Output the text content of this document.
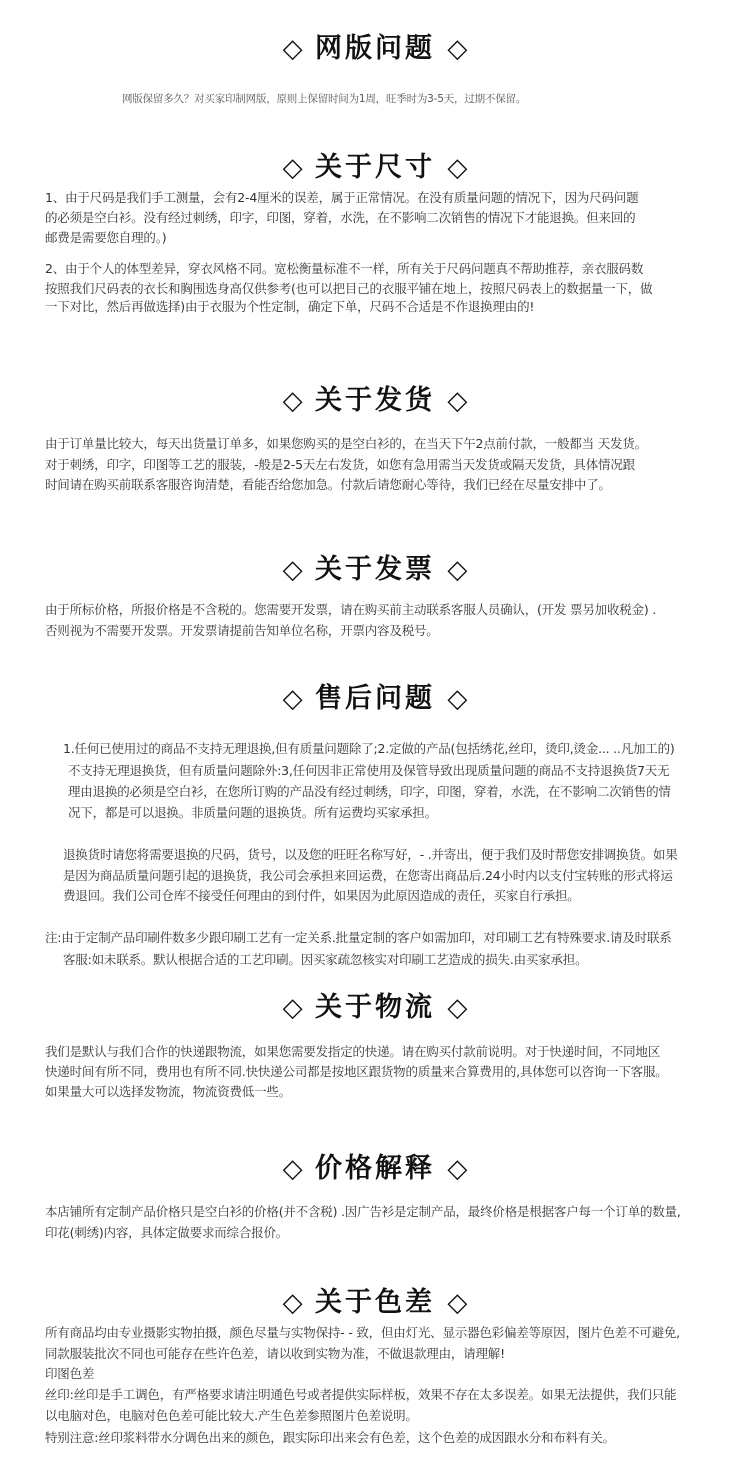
◇ 网版问题 ◇

网版保留多久？对买家印制网版，原则上保留时间为1周，旺季时为3-5天，过期不保留。

◇ 关于尺寸 ◇

1、由于尺码是我们手工测量，会有2-4厘米的误差，属于正常情况。在没有质量问题的情况下，因为尺码问题

的必须是空白衫。没有经过刺绣，印字，印图，穿着，水洗，在不影响二次销售的情况下才能退换。但来回的

邮费是需要您自理的。)

2、由于个人的体型差异，穿衣风格不同。宽松衡量标准不一样，所有关于尺码问题真不帮助推荐，亲衣服码数

按照我们尺码表的衣长和胸围选身高仅供参考(也可以把目己的衣服平铺在地上，按照尺码表上的数据量一下，做

一下对比，然后再做选择)由于衣服为个性定制，确定下单，尺码不合适是不作退换理由的!

◇ 关于发货 ◇

由于订单量比较大，每天出货量订单多，如果您购买的是空白衫的，在当天下午2点前付款，一般都当 天发货。

对于刺绣，印字，印图等工艺的服装，-般是2-5天左右发货，如您有急用需当天发货或隔天发货，具体情况跟

时间请在购买前联系客服咨询清楚，看能否给您加急。付款后请您耐心等待，我们已经在尽量安排中了。

◇ 关于发票 ◇

由于所标价格，所报价格是不含税的。您需要开发票，请在购买前主动联系客服人员确认，(开发 票另加收税金) .

否则视为不需要开发票。开发票请提前告知单位名称，开票内容及税号。

◇ 售后问题 ◇

1.任何已使用过的商品不支持无理退换,但有质量问题除了;2.定做的产品(包括绣花,丝印，烫印,烫金... ..凡加工的)

不支持无理退换货，但有质量问题除外:3,任何因非正常使用及保管导致出现质量问题的商品不支持退换货7天无

理由退换的必须是空白衫，在您所订购的产品没有经过刺绣，印字，印图，穿着，水洗，在不影响二次销售的情

况下，都是可以退换。非质量问题的退换货。所有运费均买家承担。

退换货时请您将需要退换的尺码，货号，以及您的旺旺名称写好，- .并寄出，便于我们及时帮您安排调换货。如果

是因为商品质量问题引起的退换货，我公司会承担来回运费，在您寄出商品后.24小时内以支付宝转账的形式将运

费退回。我们公司仓库不接受任何理由的到付件，如果因为此原因造成的责任，买家自行承担。

注:由于定制产品印刷件数多少跟印刷工艺有一定关系.批量定制的客户如需加印，对印刷工艺有特殊要求.请及时联系

客服:如未联系。默认根据合适的工艺印刷。因买家疏忽核实对印刷工艺造成的损失.由买家承担。

◇ 关于物流 ◇

我们是默认与我们合作的快递跟物流，如果您需要发指定的快递。请在购买付款前说明。对于快递时间，不同地区

快递时间有所不同，费用也有所不同.快快递公司都是按地区跟货物的质量来合算费用的,具体您可以咨询一下客服。

如果量大可以选择发物流，物流资费低一些。

◇ 价格解释 ◇

本店铺所有定制产品价格只是空白衫的价格(并不含税) .因广告衫是定制产品，最终价格是根据客户每一个订单的数量,

印花(刺绣)内容，具体定做要求而综合报价。

◇ 关于色差 ◇

所有商品均由专业摄影实物拍摄，颜色尽量与实物保持- - 致，但由灯光、显示器色彩偏差等原因，图片色差不可避免,

同款服装批次不同也可能存在些许色差，请以收到实物为准，不做退款理由，请理解!

印图色差

丝印:丝印是手工调色，有严格要求请注明通色号或者提供实际样板，效果不存在太多误差。如果无法提供，我们只能

以电脑对色，电脑对色色差可能比较大.产生色差参照图片色差说明。

特别注意:丝印浆料带水分调色出来的颜色，跟实际印出来会有色差，这个色差的成因跟水分和布料有关。
